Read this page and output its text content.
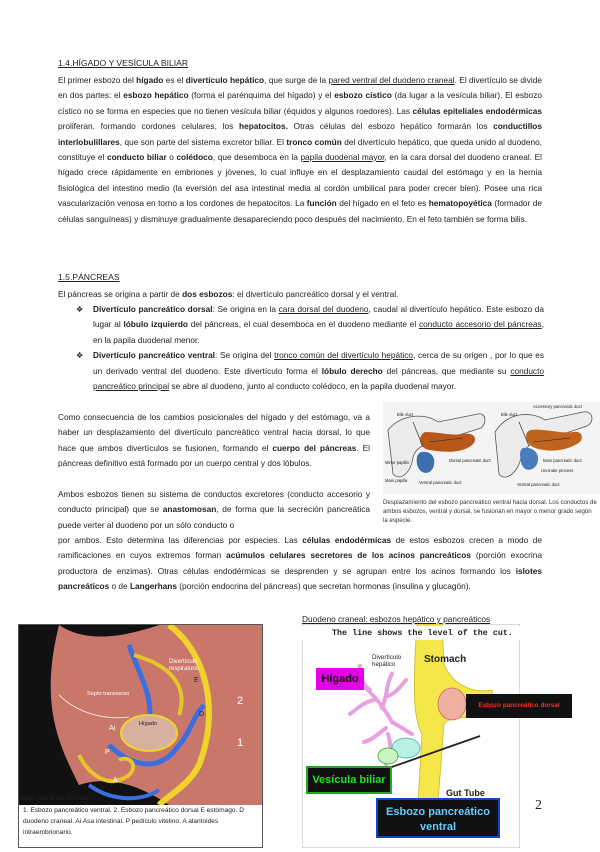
1.4.HÍGADO Y VESÍCULA BILIAR

El primer esbozo del hígado es el divertículo hepático, que surge de la pared ventral del duodeno craneal. El divertículo se divide en dos partes: el esbozo hepático (forma el parénquima del hígado) y el esbozo cístico (da lugar a la vesícula biliar). El esbozo cístico no se forma en especies que no tienen vesícula biliar (équidos y algunos roedores). Las células epiteliales endodérmicas proliferan, formando cordones celulares, los hepatocitos. Otras células del esbozo hepático formarán los conductillos interlobulillares, que son parte del sistema excretor biliar. El tronco común del divertículo hepático, que queda unido al duodeno, constituye el conducto biliar o colédoco, que desemboca en la papila duodenal mayor, en la cara dorsal del duodeno craneal. El hígado crece rápidamente en embriones y jóvenes, lo cual influye en el desplazamiento caudal del estómago y en la hernia fisiológica del intestino medio (la eversión del asa intestinal media al cordón umbilical para poder crecer bien). Posee una rica vascularización venosa en torno a los cordones de hepatocitos. La función del hígado en el feto es hematopoyética (formador de células sanguíneas) y disminuye gradualmente desapareciendo poco después del nacimiento. En el feto también se forma bilis.

1.5.PÁNCREAS

El páncreas se origina a partir de dos esbozos: el divertículo pancreático dorsal y el ventral.

❖ Divertículo pancreático dorsal: Se origina en la cara dorsal del duodeno, caudal al divertículo hepático. Este esbozo da lugar al lóbulo izquierdo del páncreas, el cual desemboca en el duodeno mediante el conducto accesorio del páncreas, en la papila duodenal menor.
❖ Divertículo pancreático ventral: Se origina del tronco común del divertículo hepático, cerca de su origen , por lo que es un derivado ventral del duodeno. Este divertículo forma el lóbulo derecho del páncreas, que mediante su conducto pancreático principal se abre al duodeno, junto al conducto colédoco, en la papila duodenal mayor.

Como consecuencia de los cambios posicionales del hígado y del estómago, va a haber un desplazamiento del divertículo pancreático ventral hacia dorsal, lo que hace que ambos divertículos se fusionen, formando el cuerpo del páncreas. El páncreas definitivo está formado por un cuerpo central y dos lóbulos.

Ambos esbozos tienen su sistema de conductos excretores (conducto accesorio y conducto principal) que se anastomosan, de forma que la secreción pancreática puede verter al duodeno por un sólo conducto o

por ambos. Esto determina las diferencias por especies. Las células endodérmicas de estos esbozos crecen a modo de ramificaciones en cuyos extremos forman acúmulos celulares secretores de los acinos pancreáticos (porción exocrina productora de enzimas). Otras células endodérmicas se desprenden y se agrupan entre los acinos formando los islotes pancreáticos o de Langerhans (porción endocrina del páncreas) que secretan hormonas (insulina y glucagón).

Bile duct
Minor papilla
Main papilla	Ventral pancreatic duct
Dorsal pancreatic duct
Accessory pancreatic duct
Bile duct
Main pancreatic duct
Uncinate process
Ventral pancreatic duct

Desplazamiento del esbozo pancreático ventral hacia dorsal. Los conductos de ambos esbozos, ventral y dorsal, se fusionan en mayor o menor grado según la especie.

Divertículo respiratorio
Septo transverso
Hígado
2
1
Ai
P
E
D
A
Corte sagital del embrión.
1. Esbozo pancreático ventral. 2. Esbozo pancreático dorsal E estómago. D duodeno craneal. Ai Asa intestinal. P pedículo vitelino. A alantoides intraembrionario.
Duodeno craneal: esbozos hepático y pancreáticos
The line shows the level of the cut.
Hígado
Divertículo hepático	Stomach
Esbozo pancreático dorsal
Gut Tube
Vesícula biliar
Esbozo pancreático ventral
2
